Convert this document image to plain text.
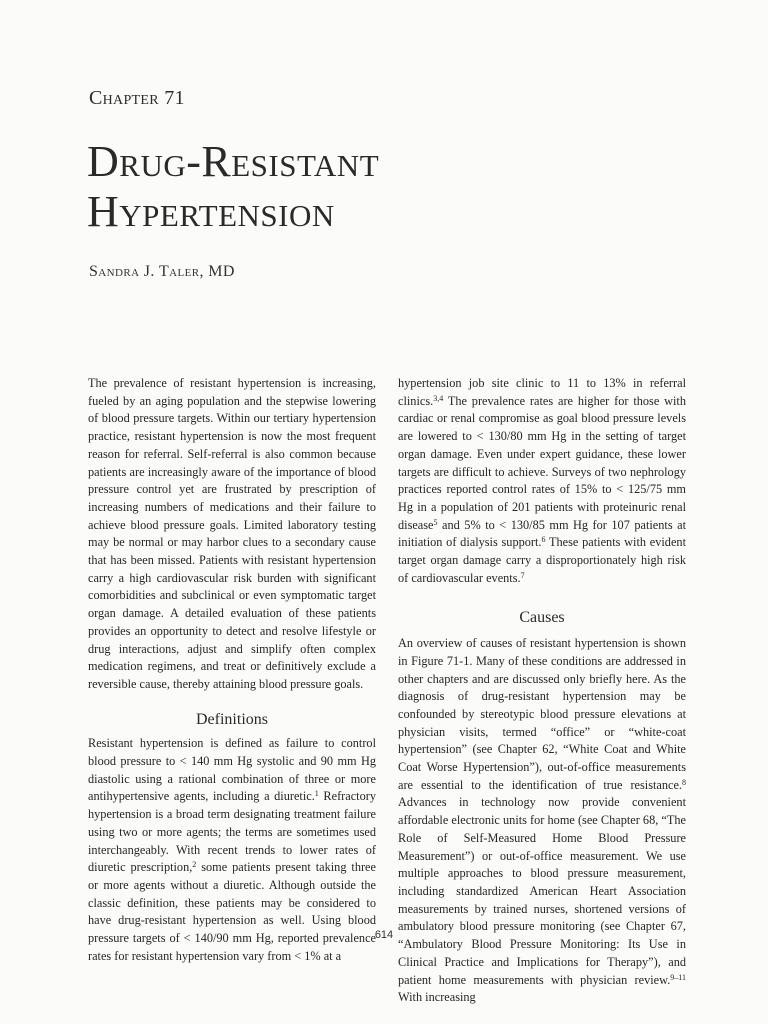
Chapter 71
Drug-Resistant
Hypertension
Sandra J. Taler, MD

The prevalence of resistant hypertension is increasing, fueled by an aging population and the stepwise lowering of blood pressure targets. Within our tertiary hypertension practice, resistant hypertension is now the most frequent reason for referral. Self-referral is also common because patients are increasingly aware of the importance of blood pressure control yet are frustrated by prescription of increasing numbers of medications and their failure to achieve blood pressure goals. Limited laboratory testing may be normal or may harbor clues to a secondary cause that has been missed. Patients with resistant hypertension carry a high cardiovascular risk burden with significant comorbidities and subclinical or even symptomatic target organ damage. A detailed evaluation of these patients provides an opportunity to detect and resolve lifestyle or drug interactions, adjust and simplify often complex medication regimens, and treat or definitively exclude a reversible cause, thereby attaining blood pressure goals.

Definitions

Resistant hypertension is defined as failure to control blood pressure to < 140 mm Hg systolic and 90 mm Hg diastolic using a rational combination of three or more antihypertensive agents, including a diuretic.$^1$ Refractory hypertension is a broad term designating treatment failure using two or more agents; the terms are sometimes used interchangeably. With recent trends to lower rates of diuretic prescription,$^2$ some patients present taking three or more agents without a diuretic. Although outside the classic definition, these patients may be considered to have drug-resistant hypertension as well. Using blood pressure targets of < 140/90 mm Hg, reported prevalence rates for resistant hypertension vary from < 1% at a

hypertension job site clinic to 11 to 13% in referral clinics.$^{3,4}$ The prevalence rates are higher for those with cardiac or renal compromise as goal blood pressure levels are lowered to < 130/80 mm Hg in the setting of target organ damage. Even under expert guidance, these lower targets are difficult to achieve. Surveys of two nephrology practices reported control rates of 15% to < 125/75 mm Hg in a population of 201 patients with proteinuric renal disease$^5$ and 5% to < 130/85 mm Hg for 107 patients at initiation of dialysis support.$^6$ These patients with evident target organ damage carry a disproportionately high risk of cardiovascular events.$^7$

Causes

An overview of causes of resistant hypertension is shown in Figure 71-1. Many of these conditions are addressed in other chapters and are discussed only briefly here. As the diagnosis of drug-resistant hypertension may be confounded by stereotypic blood pressure elevations at physician visits, termed “office” or “white-coat hypertension” (see Chapter 62, “White Coat and White Coat Worse Hypertension”), out-of-office measurements are essential to the identification of true resistance.$^8$ Advances in technology now provide convenient affordable electronic units for home (see Chapter 68, “The Role of Self-Measured Home Blood Pressure Measurement”) or out-of-office measurement. We use multiple approaches to blood pressure measurement, including standardized American Heart Association measurements by trained nurses, shortened versions of ambulatory blood pressure monitoring (see Chapter 67, “Ambulatory Blood Pressure Monitoring: Its Use in Clinical Practice and Implications for Therapy”), and patient home measurements with physician review.$^{9-11}$ With increasing

614
